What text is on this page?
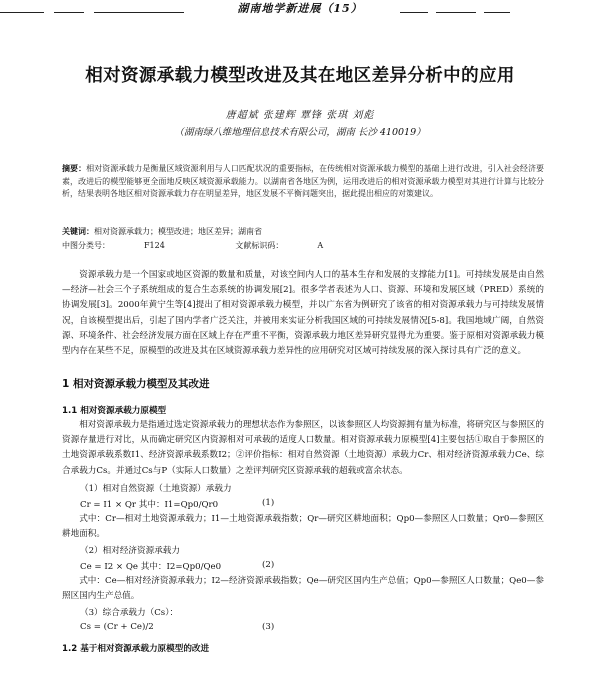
湖南地学新进展（15）
相对资源承载力模型改进及其在地区差异分析中的应用
唐超斌 张建辉 覃锋 张琪 刘彪
（湖南绿八维地理信息技术有限公司，湖南 长沙 410019）
摘要：相对资源承载力是衡量区域资源利用与人口匹配状况的重要指标，在传统相对资源承载力模型的基础上进行改进，引入社会经济要素，改进后的模型能够更全面地反映区域资源承载能力。以湖南省各地区为例，运用改进后的相对资源承载力模型对其进行计算与比较分析，结果表明各地区相对资源承载力存在明显差异，地区发展不平衡问题突出，据此提出相应的对策建议。
关键词：相对资源承载力；模型改进；地区差异；湖南省
中图分类号：	F124	文献标识码：	A
资源承载力是一个国家或地区资源的数量和质量，对该空间内人口的基本生存和发展的支撑能力[1]。可持续发展是由自然—经济—社会三个子系统组成的复合生态系统的协调发展[2]。很多学者表述为人口、资源、环境和发展区域（PRED）系统的协调发展[3]。2000年黄宁生等[4]提出了相对资源承载力模型，并以广东省为例研究了该省的相对资源承载力与可持续发展情况，自该模型提出后，引起了国内学者广泛关注，并被用来实证分析我国区域的可持续发展情况[5-8]。我国地域广阔，自然资源、环境条件、社会经济发展方面在区域上存在严重不平衡，资源承载力地区差异研究显得尤为重要。鉴于原相对资源承载力模型内存在某些不足，原模型的改进及其在区域资源承载力差异性的应用研究对区域可持续发展的深入探讨具有广泛的意义。
1 相对资源承载力模型及其改进
1.1 相对资源承载力原模型
相对资源承载力是指通过选定资源承载力的理想状态作为参照区，以该参照区人均资源拥有量为标准，将研究区与参照区的资源存量进行对比，从而确定研究区内资源相对可承载的适度人口数量。相对资源承载力原模型[4]主要包括①取自于参照区的土地资源承载系数I1、经济资源承载系数I2；②评价指标：相对自然资源（土地资源）承载力Cr、相对经济资源承载力Ce、综合承载力Cs。并通过Cs与P（实际人口数量）之差评判研究区资源承载的超载或富余状态。
（1）相对自然资源（土地资源）承载力
Cr = I1 × Qr 其中：I1=Qp0/Qr0	(1)
式中：Cr—相对土地资源承载力；I1—土地资源承载指数；Qr—研究区耕地面积；Qp0—参照区人口数量；Qr0—参照区耕地面积。
（2）相对经济资源承载力
Ce = I2 × Qe 其中：I2=Qp0/Qe0	(2)
式中：Ce—相对经济资源承载力；I2—经济资源承载指数；Qe—研究区国内生产总值；Qp0—参照区人口数量；Qe0—参照区国内生产总值。
（3）综合承载力（Cs）：
Cs = (Cr + Ce)/2	(3)
1.2 基于相对资源承载力原模型的改进
